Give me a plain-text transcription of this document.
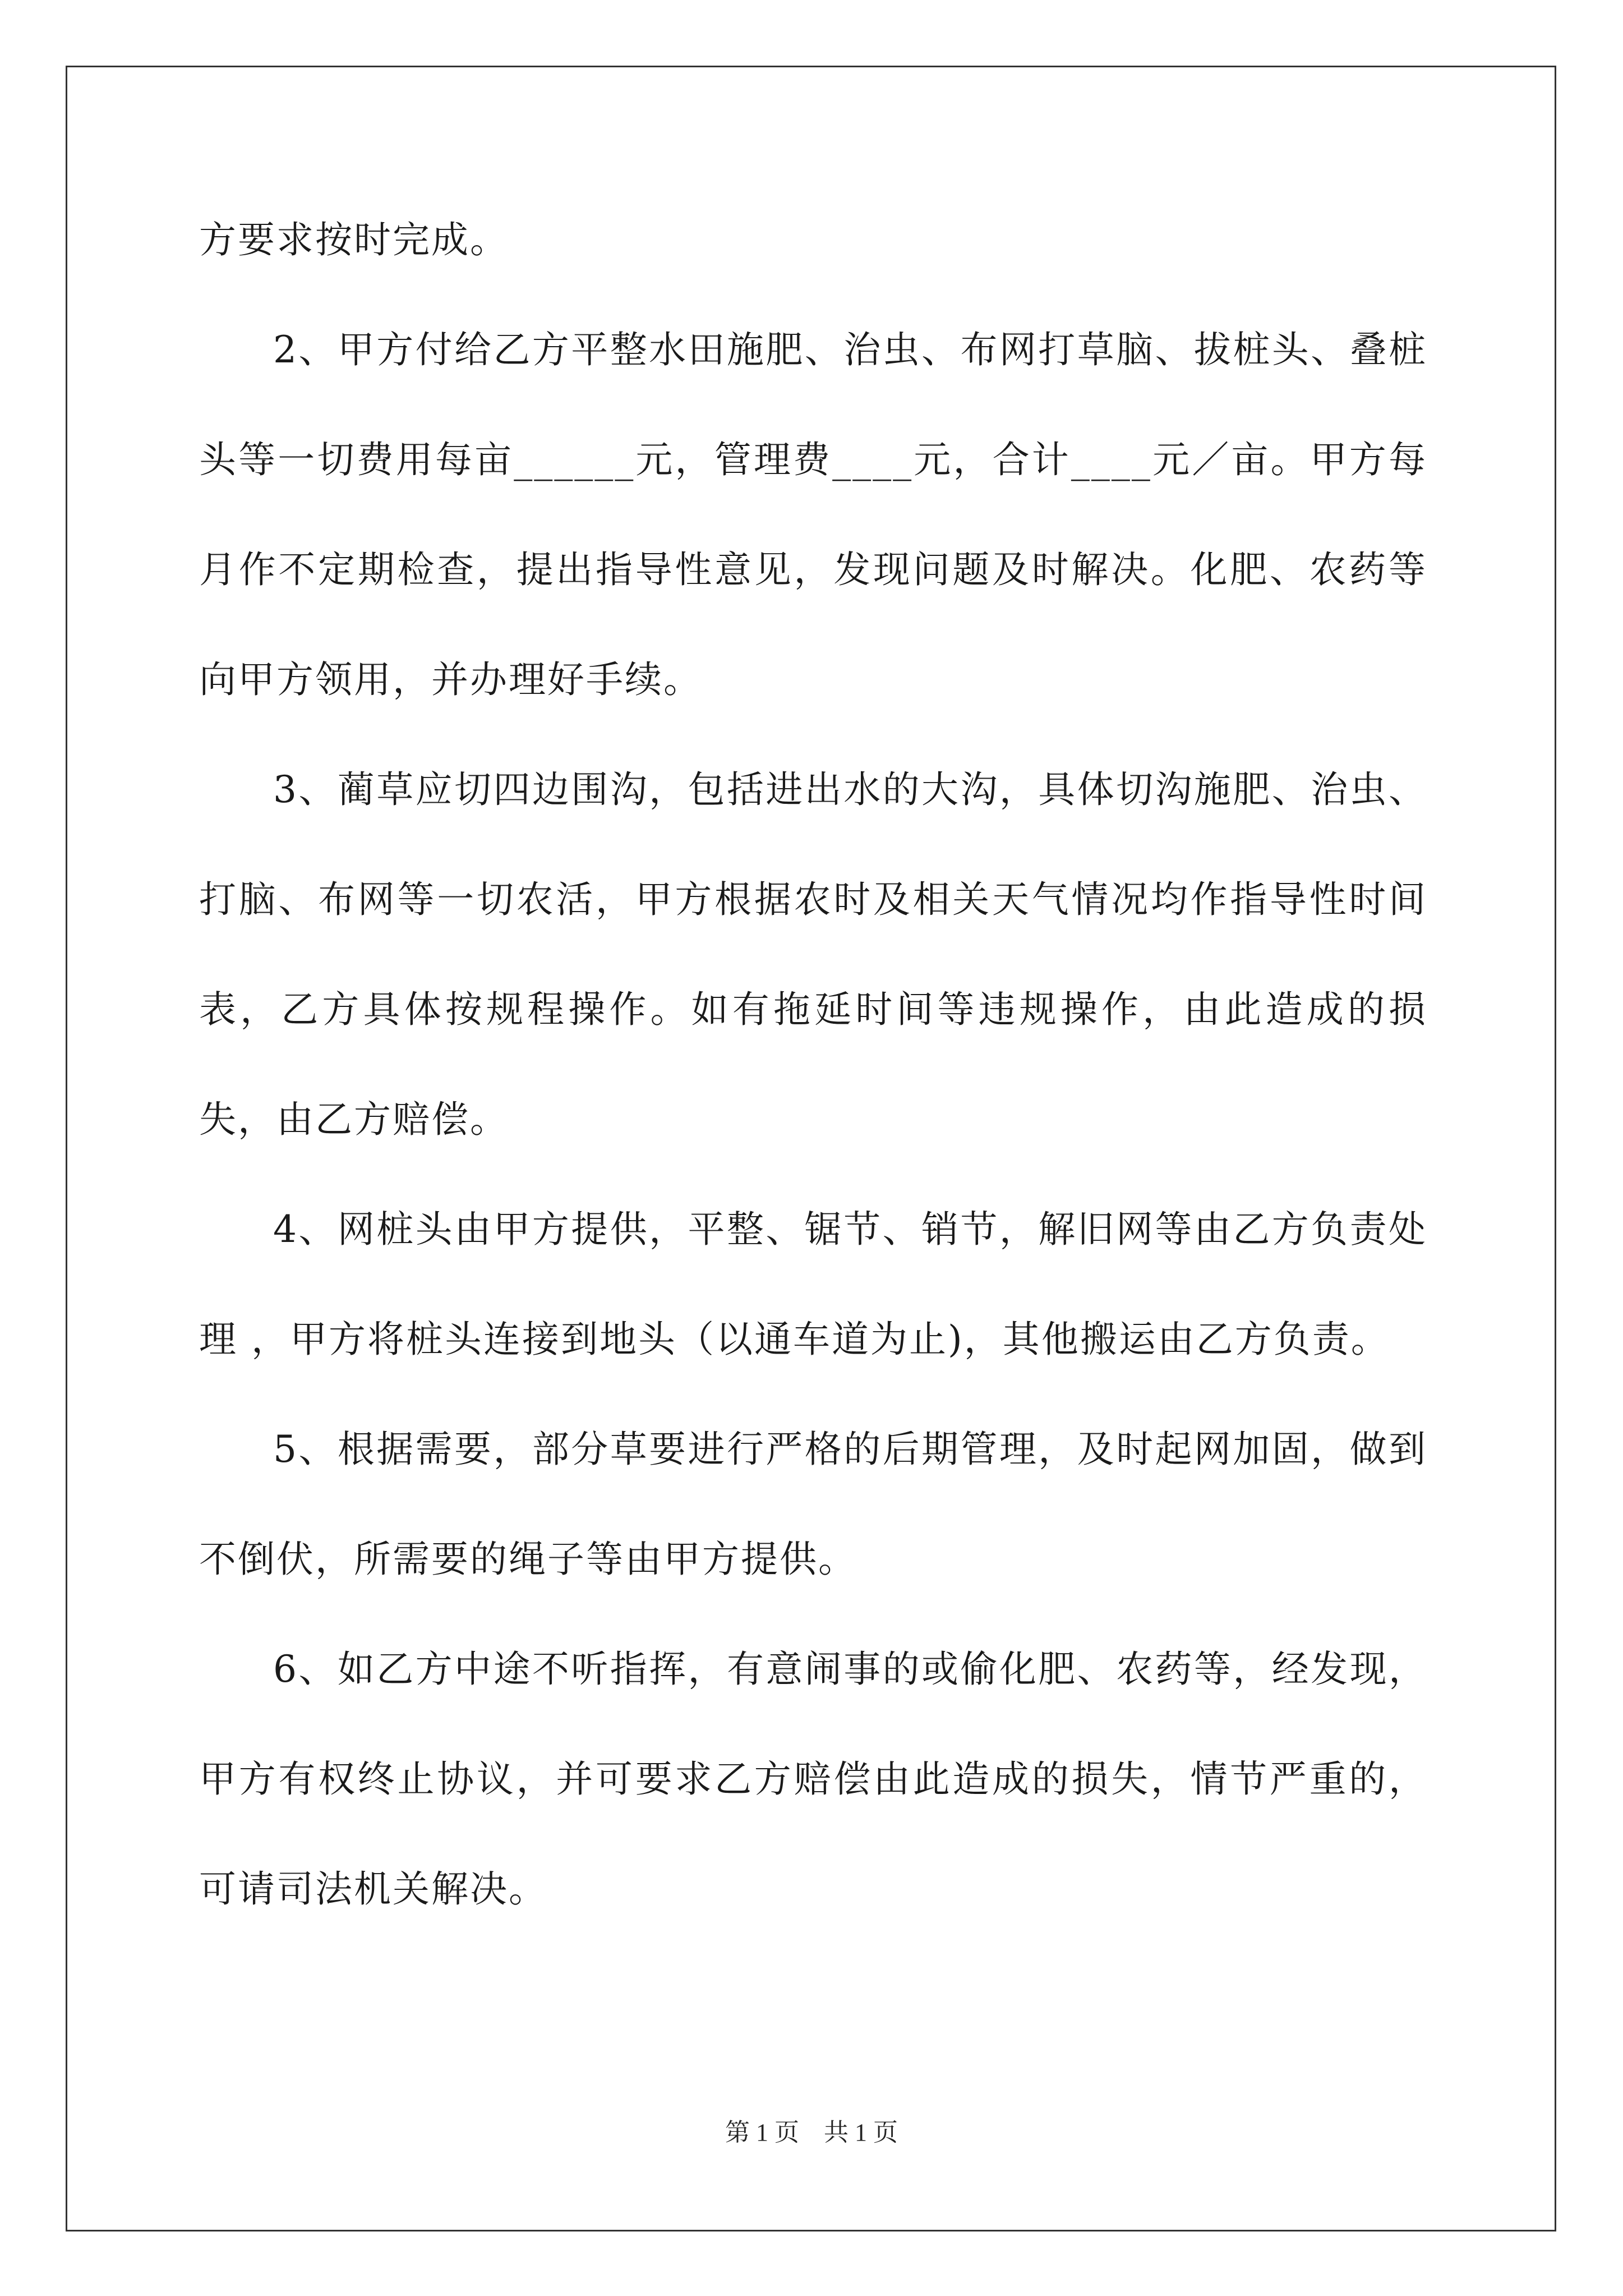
方要求按时完成。

2、甲方付给乙方平整水田施肥、治虫、布网打草脑、拔桩头、叠桩头等一切费用每亩______元，管理费____元，合计____元／亩。甲方每月作不定期检查，提出指导性意见，发现问题及时解决。化肥、农药等向甲方领用，并办理好手续。

3、蔺草应切四边围沟，包括进出水的大沟，具体切沟施肥、治虫、打脑、布网等一切农活，甲方根据农时及相关天气情况均作指导性时间表，乙方具体按规程操作。如有拖延时间等违规操作，由此造成的损失，由乙方赔偿。

4、网桩头由甲方提供，平整、锯节、销节，解旧网等由乙方负责处理 ，甲方将桩头连接到地头（以通车道为止)，其他搬运由乙方负责。

5、根据需要，部分草要进行严格的后期管理，及时起网加固，做到不倒伏，所需要的绳子等由甲方提供。

6、如乙方中途不听指挥，有意闹事的或偷化肥、农药等，经发现，甲方有权终止协议，并可要求乙方赔偿由此造成的损失，情节严重的，可请司法机关解决。

第 1 页　共 1 页
